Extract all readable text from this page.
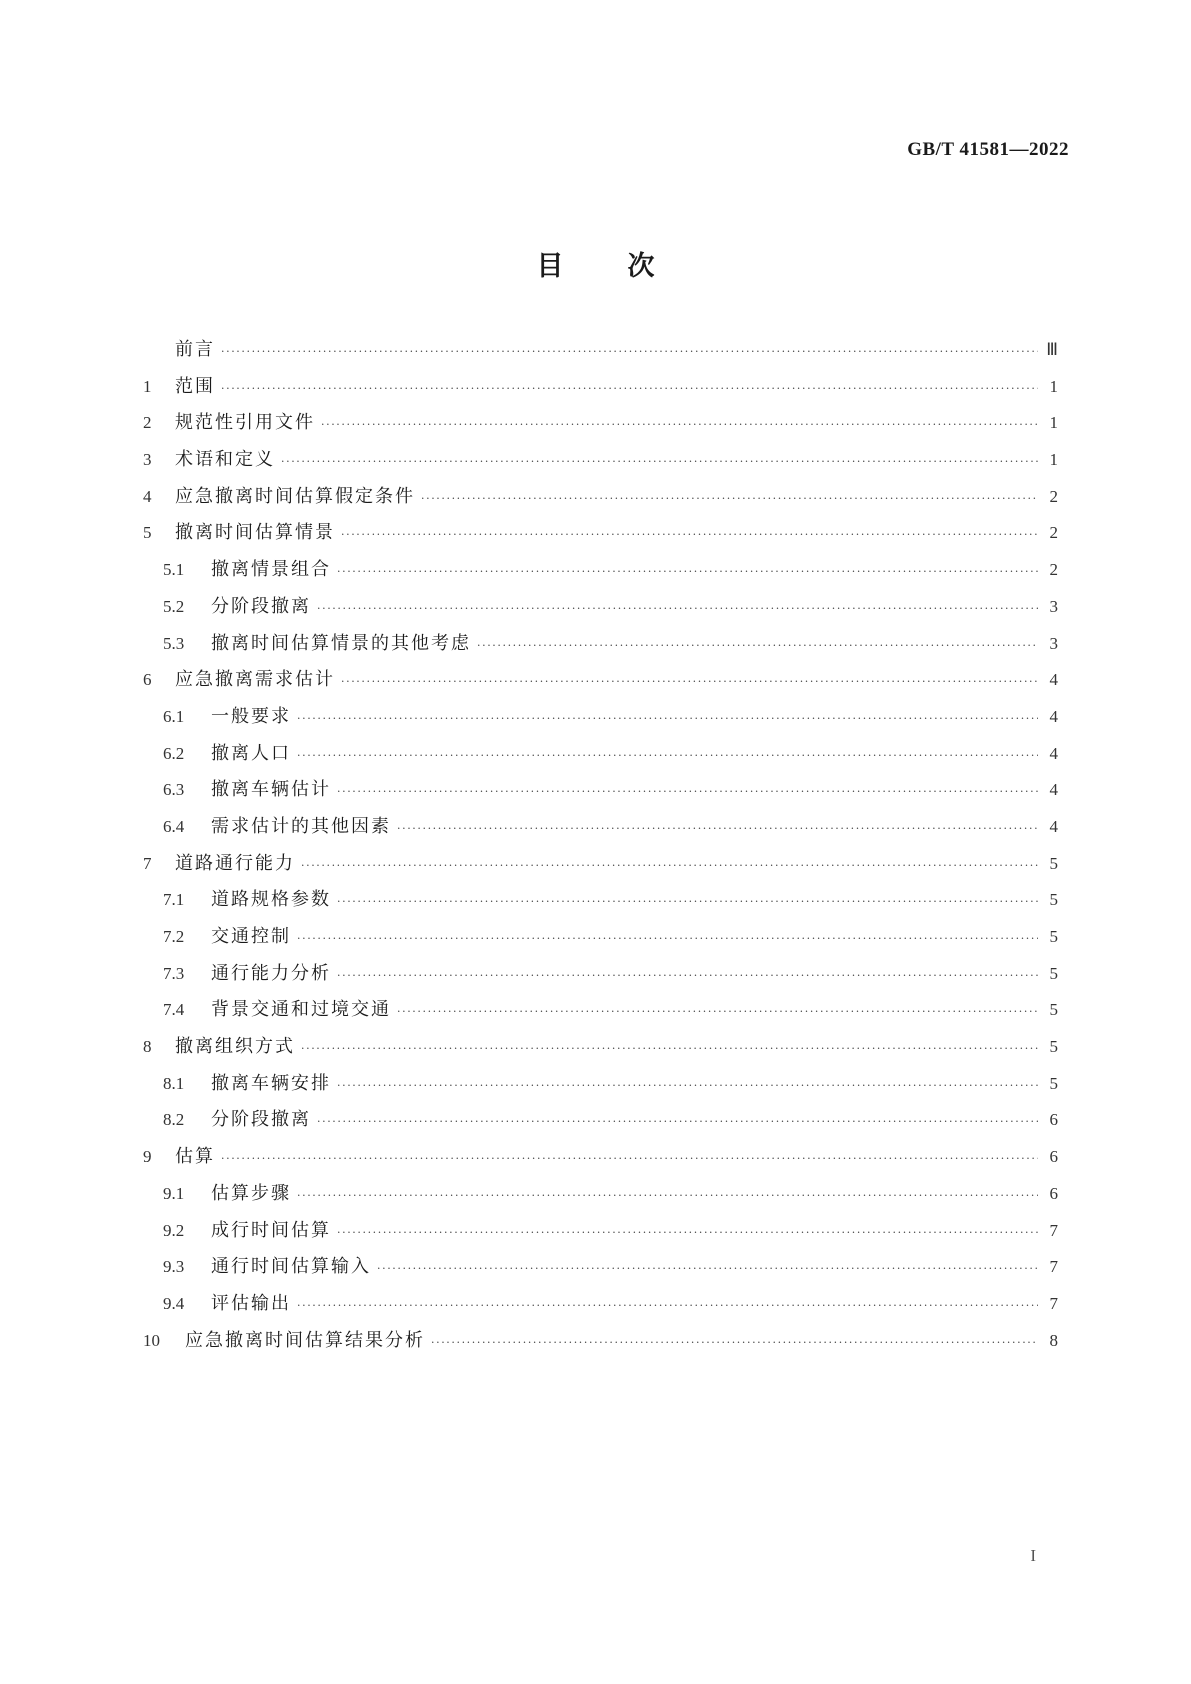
GB/T 41581—2022
目次
前言 ·····	Ⅲ
1	范围 ·····	1
2	规范性引用文件 ·····	1
3	术语和定义 ·····	1
4	应急撤离时间估算假定条件 ·····	2
5	撤离时间估算情景 ·····	2
5.1	撤离情景组合 ·····	2
5.2	分阶段撤离 ·····	3
5.3	撤离时间估算情景的其他考虑 ·····	3
6	应急撤离需求估计 ·····	4
6.1	一般要求 ·····	4
6.2	撤离人口 ·····	4
6.3	撤离车辆估计 ·····	4
6.4	需求估计的其他因素 ·····	4
7	道路通行能力 ·····	5
7.1	道路规格参数 ·····	5
7.2	交通控制 ·····	5
7.3	通行能力分析 ·····	5
7.4	背景交通和过境交通 ·····	5
8	撤离组织方式 ·····	5
8.1	撤离车辆安排 ·····	5
8.2	分阶段撤离 ·····	6
9	估算 ·····	6
9.1	估算步骤 ·····	6
9.2	成行时间估算 ·····	7
9.3	通行时间估算输入 ·····	7
9.4	评估输出 ·····	7
10	应急撤离时间估算结果分析 ·····	8
I
